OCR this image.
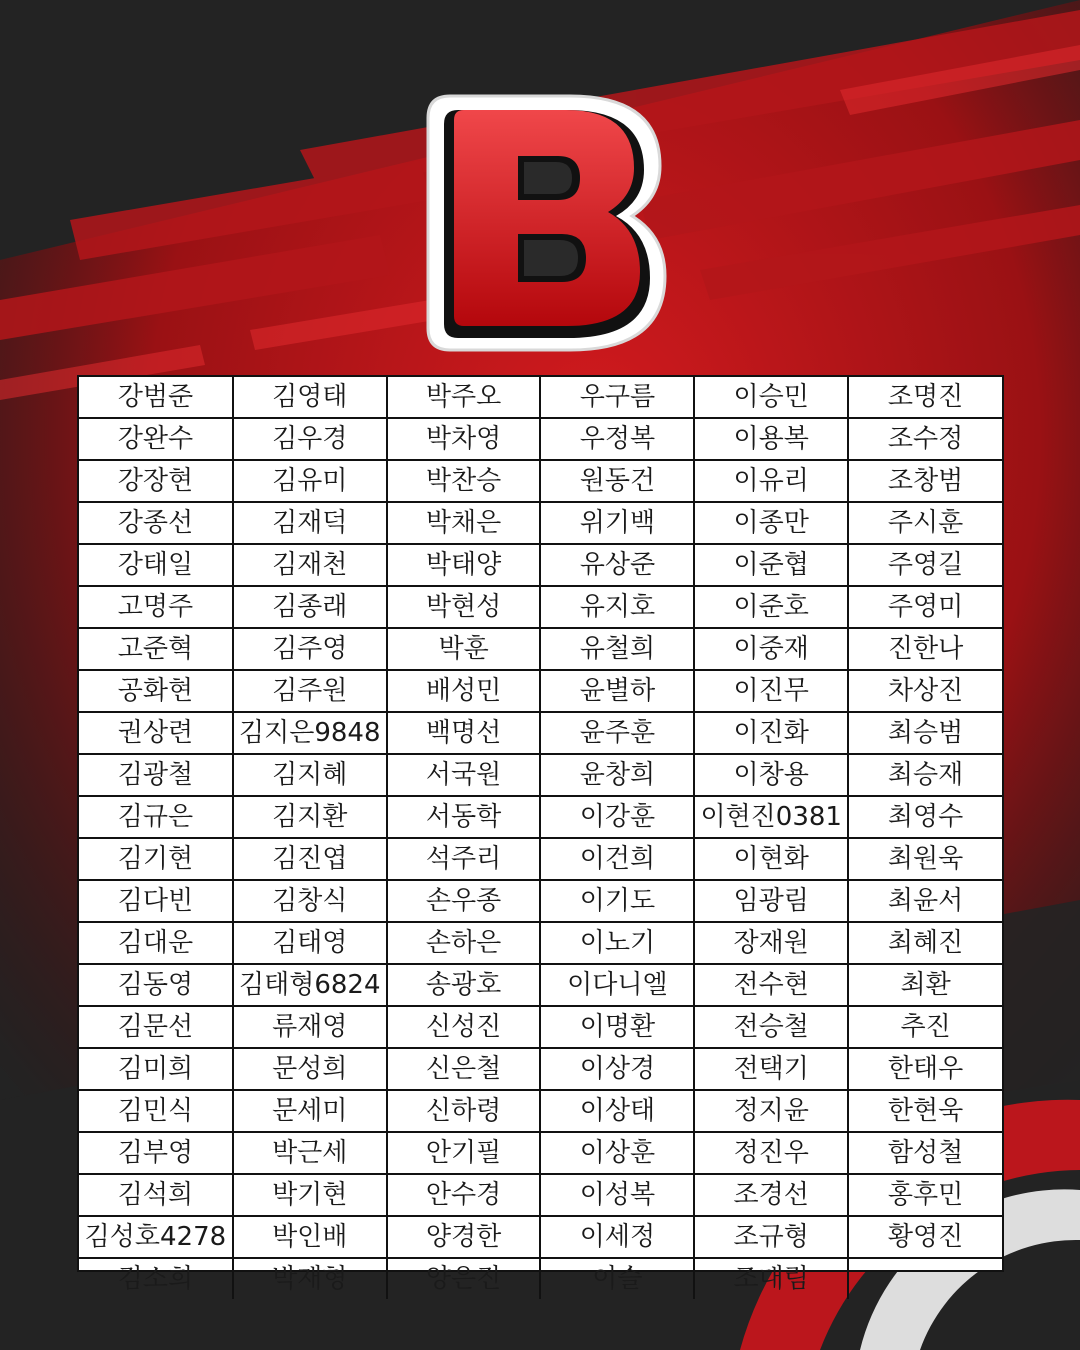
강범준	김영태	박주오	우구름	이승민	조명진
강완수	김우경	박차영	우정복	이용복	조수정
강장현	김유미	박찬승	원동건	이유리	조창범
강종선	김재덕	박채은	위기백	이종만	주시훈
강태일	김재천	박태양	유상준	이준협	주영길
고명주	김종래	박현성	유지호	이준호	주영미
고준혁	김주영	박훈	유철희	이중재	진한나
공화현	김주원	배성민	윤별하	이진무	차상진
권상련	김지은9848	백명선	윤주훈	이진화	최승범
김광철	김지혜	서국원	윤창희	이창용	최승재
김규은	김지환	서동학	이강훈	이현진0381	최영수
김기현	김진엽	석주리	이건희	이현화	최원욱
김다빈	김창식	손우종	이기도	임광림	최윤서
김대운	김태영	손하은	이노기	장재원	최혜진
김동영	김태형6824	송광호	이다니엘	전수현	최환
김문선	류재영	신성진	이명환	전승철	추진
김미희	문성희	신은철	이상경	전택기	한태우
김민식	문세미	신하령	이상태	정지윤	한현욱
김부영	박근세	안기필	이상훈	정진우	함성철
김석희	박기현	안수경	이성복	조경선	홍후민
김성호4278	박인배	양경한	이세정	조규형	황영진
김소희	박재형	양은진	이슬	조대림	
